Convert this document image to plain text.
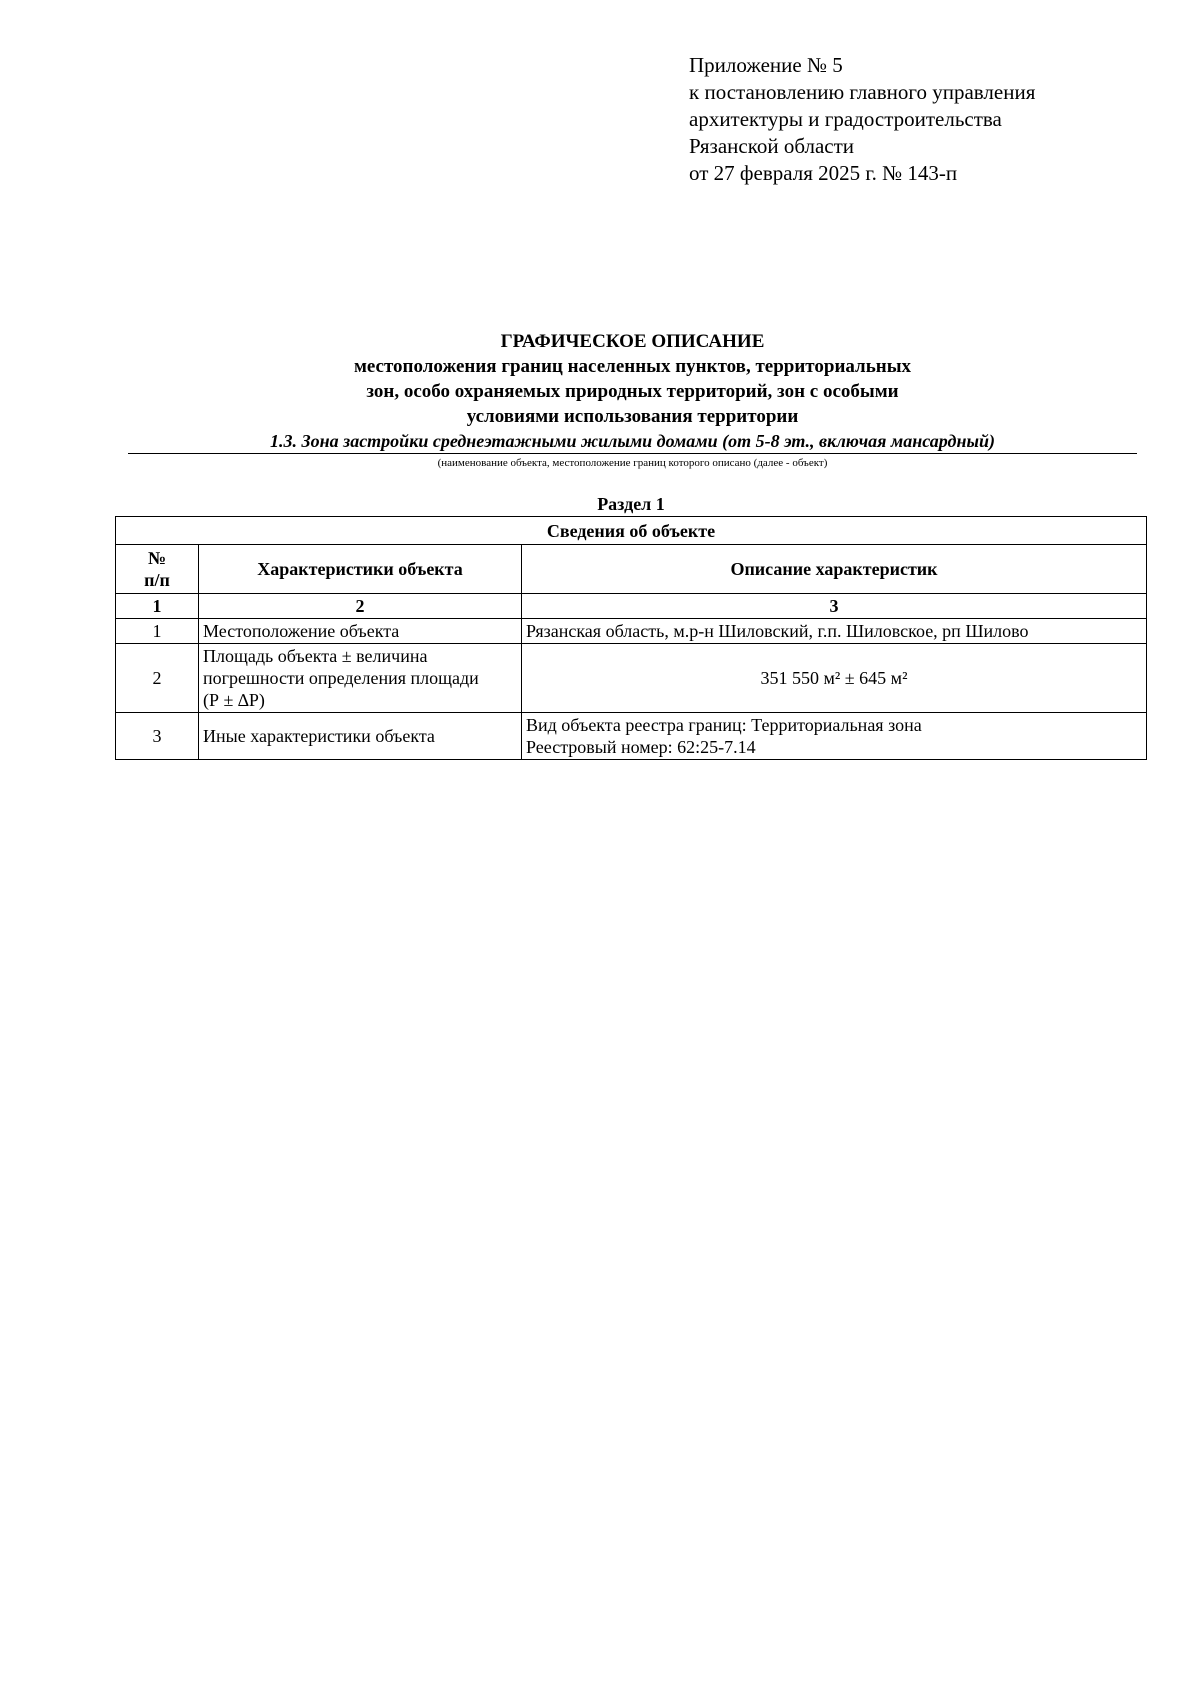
Приложение № 5
к постановлению главного управления
архитектуры и градостроительства
Рязанской области
от 27 февраля 2025 г. № 143-п
ГРАФИЧЕСКОЕ ОПИСАНИЕ
местоположения границ населенных пунктов, территориальных
зон, особо охраняемых природных территорий, зон с особыми
условиями использования территории
1.3. Зона застройки среднеэтажными жилыми домами (от 5-8 эт., включая мансардный)
(наименование объекта, местоположение границ которого описано (далее - объект)
Раздел 1
Сведения об объекте		

№
п/п	Характеристики объекта	Описание характеристик
1	2	3
1	Местоположение объекта	Рязанская область, м.р-н Шиловский, г.п. Шиловское, рп Шилово

2	Площадь объекта ± величина
погрешности определения площади
(Р ± ∆Р)	351 550 м² ± 645 м²

3	Иные характеристики объекта	Вид объекта реестра границ: Территориальная зона
Реестровый номер: 62:25-7.14
